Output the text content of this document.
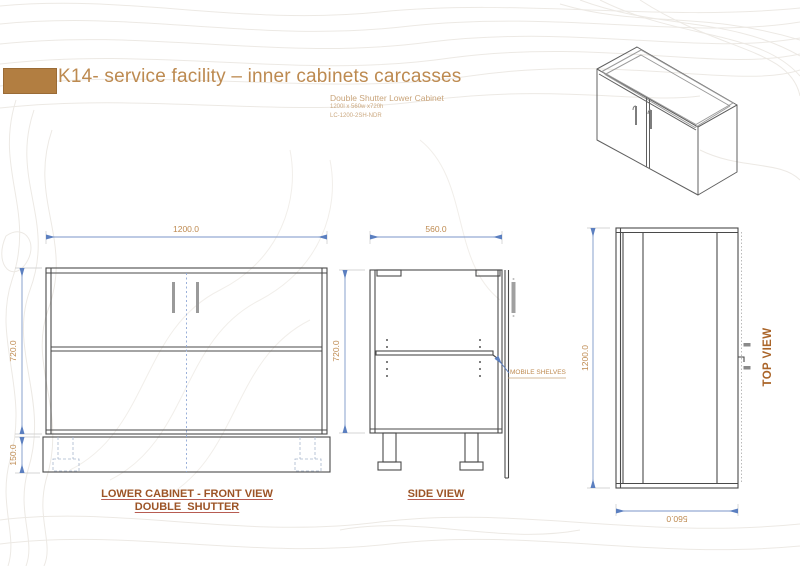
K14- service facility – inner cabinets carcasses
Double Shutter Lower Cabinet
1200l x 560w x720h
LC-1200-2SH-NDR
1200.0
720.0
150.0
560.0
720.0	1200.0
560.0
MOBILE SHELVES
LOWER CABINET - FRONT VIEW
DOUBLE  SHUTTER
SIDE VIEW
TOP VIEW
